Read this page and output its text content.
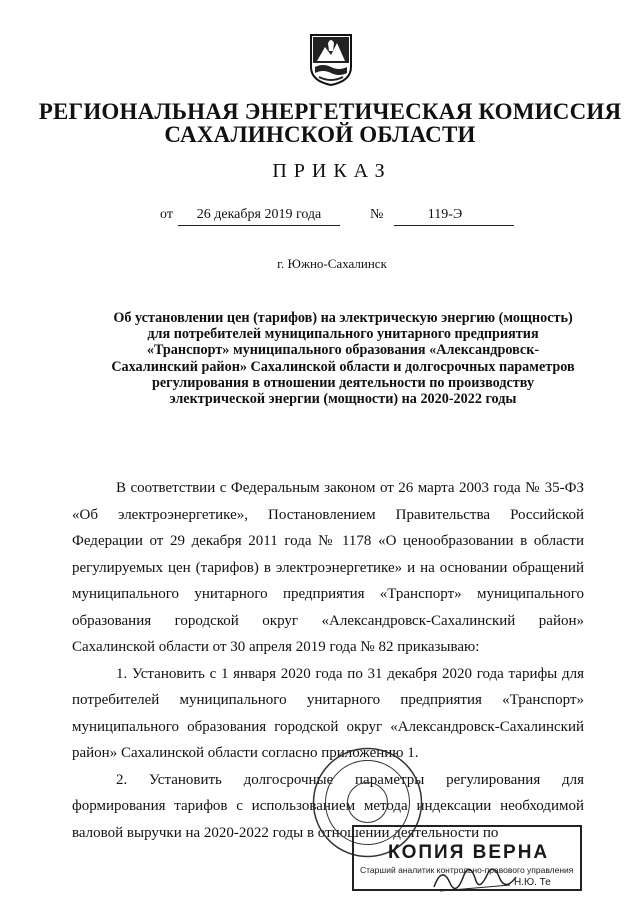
РЕГИОНАЛЬНАЯ ЭНЕРГЕТИЧЕСКАЯ КОМИССИЯ
САХАЛИНСКОЙ ОБЛАСТИ
ПРИКАЗ
от	26 декабря 2019 года	№	119-Э
г. Южно-Сахалинск
Об установлении цен (тарифов) на электрическую энергию (мощность) для потребителей муниципального унитарного предприятия «Транспорт» муниципального образования «Александровск-Сахалинский район» Сахалинской области и долгосрочных параметров регулирования в отношении деятельности по производству электрической энергии (мощности) на 2020-2022 годы

В соответствии с Федеральным законом от 26 марта 2003 года № 35-ФЗ «Об электроэнергетике», Постановлением Правительства Российской Федерации от 29 декабря 2011 года № 1178 «О ценообразовании в области регулируемых цен (тарифов) в электроэнергетике» и на основании обращений муниципального унитарного предприятия «Транспорт» муниципального образования городской округ «Александровск-Сахалинский район» Сахалинской области от 30 апреля 2019 года № 82 приказываю:

1. Установить с 1 января 2020 года по 31 декабря 2020 года тарифы для потребителей муниципального унитарного предприятия «Транспорт» муниципального образования городской округ «Александровск-Сахалинский район» Сахалинской области согласно приложению 1.

2. Установить долгосрочные параметры регулирования для формирования тарифов с использованием метода индексации необходимой валовой выручки на 2020-2022 годы в отношении деятельности по

КОПИЯ ВЕРНА
Старший аналитик контрольно-правового управления
Н.Ю. Те
